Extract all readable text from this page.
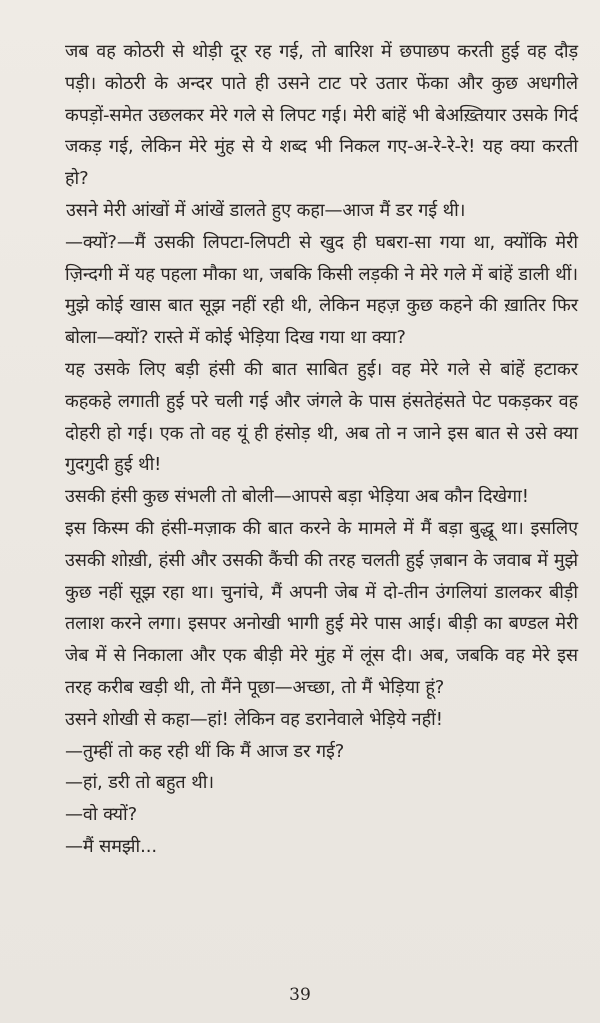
जब वह कोठरी से थोड़ी दूर रह गई, तो बारिश में छपाछप करती हुई वह दौड़ पड़ी। कोठरी के अन्दर पाते ही उसने टाट परे उतार फेंका और कुछ अधगीले कपड़ों-समेत उछलकर मेरे गले से लिपट गई। मेरी बांहें भी बेअख़्तियार उसके गिर्द जकड़ गई, लेकिन मेरे मुंह से ये शब्द भी निकल गए-अ-रे-रे-रे! यह क्या करती हो?

उसने मेरी आंखों में आंखें डालते हुए कहा—आज मैं डर गई थी।

—क्यों?—मैं उसकी लिपटा-लिपटी से खुद ही घबरा-सा गया था, क्योंकि मेरी ज़िन्दगी में यह पहला मौका था, जबकि किसी लड़की ने मेरे गले में बांहें डाली थीं। मुझे कोई खास बात सूझ नहीं रही थी, लेकिन महज़ कुछ कहने की ख़ातिर फिर बोला—क्यों? रास्ते में कोई भेड़िया दिख गया था क्या?

यह उसके लिए बड़ी हंसी की बात साबित हुई। वह मेरे गले से बांहें हटाकर कहकहे लगाती हुई परे चली गई और जंगले के पास हंसतेहंसते पेट पकड़कर वह दोहरी हो गई। एक तो वह यूं ही हंसोड़ थी, अब तो न जाने इस बात से उसे क्या गुदगुदी हुई थी!

उसकी हंसी कुछ संभली तो बोली—आपसे बड़ा भेड़िया अब कौन दिखेगा!

इस किस्म की हंसी-मज़ाक की बात करने के मामले में मैं बड़ा बुद्धू था। इसलिए उसकी शोख़ी, हंसी और उसकी कैंची की तरह चलती हुई ज़बान के जवाब में मुझे कुछ नहीं सूझ रहा था। चुनांचे, मैं अपनी जेब में दो-तीन उंगलियां डालकर बीड़ी तलाश करने लगा। इसपर अनोखी भागी हुई मेरे पास आई। बीड़ी का बण्डल मेरी जेब में से निकाला और एक बीड़ी मेरे मुंह में लूंस दी। अब, जबकि वह मेरे इस तरह करीब खड़ी थी, तो मैंने पूछा—अच्छा, तो मैं भेड़िया हूं?

उसने शोखी से कहा—हां! लेकिन वह डरानेवाले भेड़िये नहीं!

—तुम्हीं तो कह रही थीं कि मैं आज डर गई?

—हां, डरी तो बहुत थी।

—वो क्यों?

—मैं समझी...

39
